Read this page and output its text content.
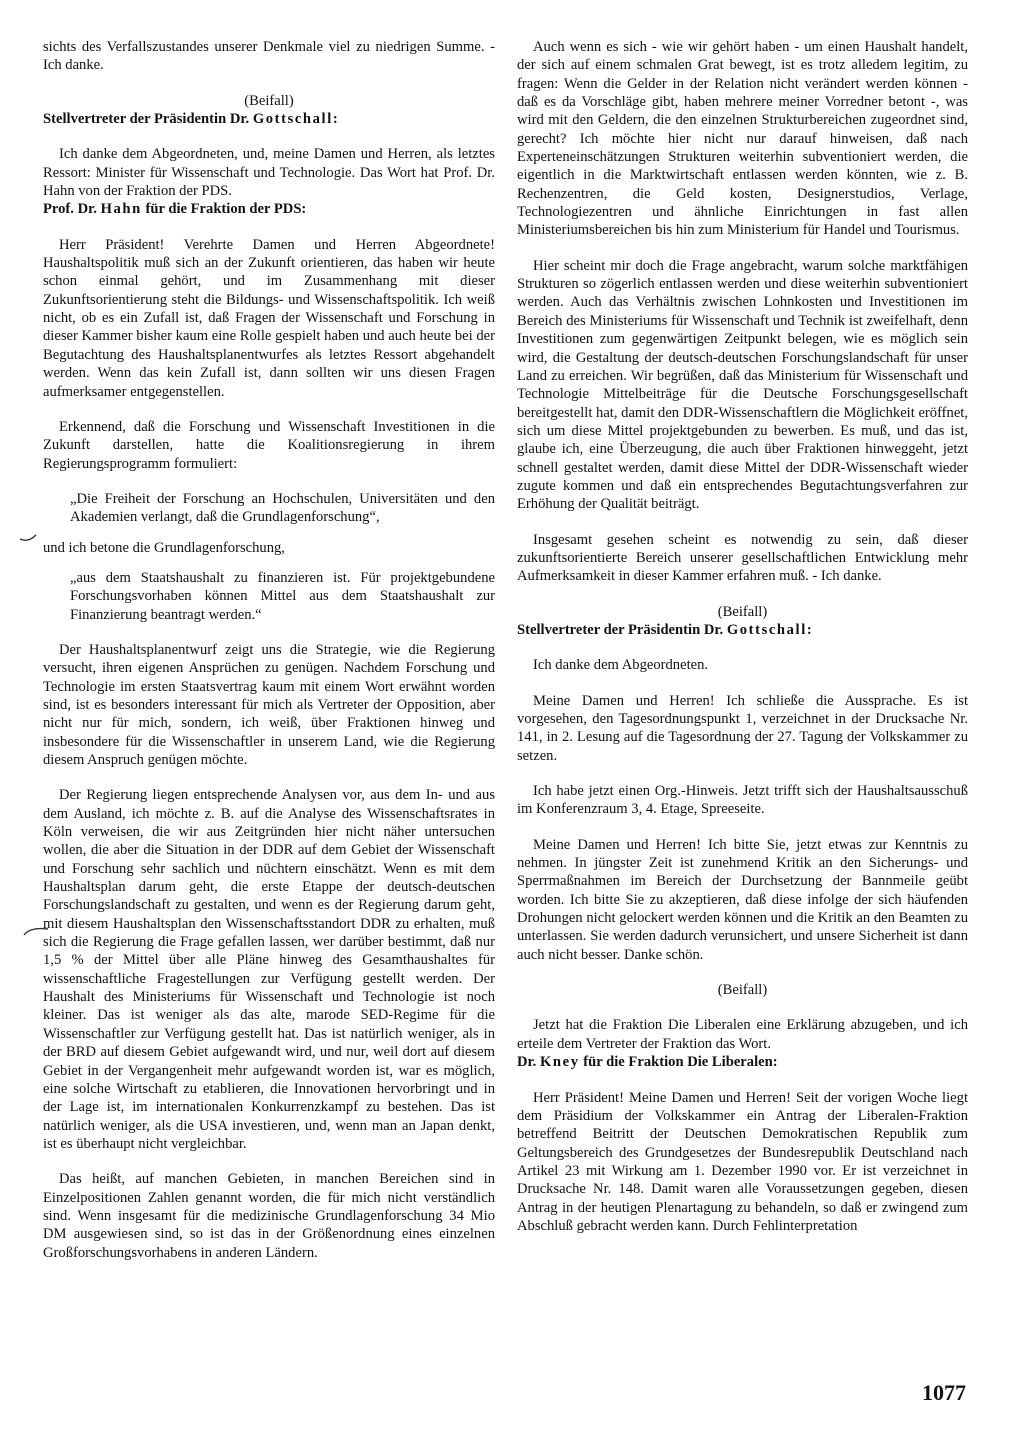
sichts des Verfallszustandes unserer Denkmale viel zu niedrigen Summe. - Ich danke.

(Beifall)

Stellvertreter der Präsidentin Dr. Gottschall:

Ich danke dem Abgeordneten, und, meine Damen und Herren, als letztes Ressort: Minister für Wissenschaft und Technologie. Das Wort hat Prof. Dr. Hahn von der Fraktion der PDS.

Prof. Dr. Hahn für die Fraktion der PDS:

Herr Präsident! Verehrte Damen und Herren Abgeordnete! Haushaltspolitik muß sich an der Zukunft orientieren, das haben wir heute schon einmal gehört, und im Zusammenhang mit dieser Zukunftsorientierung steht die Bildungs- und Wissenschaftspolitik. Ich weiß nicht, ob es ein Zufall ist, daß Fragen der Wissenschaft und Forschung in dieser Kammer bisher kaum eine Rolle gespielt haben und auch heute bei der Begutachtung des Haushaltsplanentwurfes als letztes Ressort abgehandelt werden. Wenn das kein Zufall ist, dann sollten wir uns diesen Fragen aufmerksamer entgegenstellen.

Erkennend, daß die Forschung und Wissenschaft Investitionen in die Zukunft darstellen, hatte die Koalitionsregierung in ihrem Regierungsprogramm formuliert:

„Die Freiheit der Forschung an Hochschulen, Universitäten und den Akademien verlangt, daß die Grundlagenforschung“,

und ich betone die Grundlagenforschung,

„aus dem Staatshaushalt zu finanzieren ist. Für projektgebundene Forschungsvorhaben können Mittel aus dem Staatshaushalt zur Finanzierung beantragt werden.“

Der Haushaltsplanentwurf zeigt uns die Strategie, wie die Regierung versucht, ihren eigenen Ansprüchen zu genügen. Nachdem Forschung und Technologie im ersten Staatsvertrag kaum mit einem Wort erwähnt worden sind, ist es besonders interessant für mich als Vertreter der Opposition, aber nicht nur für mich, sondern, ich weiß, über Fraktionen hinweg und insbesondere für die Wissenschaftler in unserem Land, wie die Regierung diesem Anspruch genügen möchte.

Der Regierung liegen entsprechende Analysen vor, aus dem In- und aus dem Ausland, ich möchte z. B. auf die Analyse des Wissenschaftsrates in Köln verweisen, die wir aus Zeitgründen hier nicht näher untersuchen wollen, die aber die Situation in der DDR auf dem Gebiet der Wissenschaft und Forschung sehr sachlich und nüchtern einschätzt. Wenn es mit dem Haushaltsplan darum geht, die erste Etappe der deutsch-deutschen Forschungslandschaft zu gestalten, und wenn es der Regierung darum geht, mit diesem Haushaltsplan den Wissenschaftsstandort DDR zu erhalten, muß sich die Regierung die Frage gefallen lassen, wer darüber bestimmt, daß nur 1,5 % der Mittel über alle Pläne hinweg des Gesamthaushaltes für wissenschaftliche Fragestellungen zur Verfügung gestellt werden. Der Haushalt des Ministeriums für Wissenschaft und Technologie ist noch kleiner. Das ist weniger als das alte, marode SED-Regime für die Wissenschaftler zur Verfügung gestellt hat. Das ist natürlich weniger, als in der BRD auf diesem Gebiet aufgewandt wird, und nur, weil dort auf diesem Gebiet in der Vergangenheit mehr aufgewandt worden ist, war es möglich, eine solche Wirtschaft zu etablieren, die Innovationen hervorbringt und in der Lage ist, im internationalen Konkurrenzkampf zu bestehen. Das ist natürlich weniger, als die USA investieren, und, wenn man an Japan denkt, ist es überhaupt nicht vergleichbar.

Das heißt, auf manchen Gebieten, in manchen Bereichen sind in Einzelpositionen Zahlen genannt worden, die für mich nicht verständlich sind. Wenn insgesamt für die medizinische Grundlagenforschung 34 Mio DM ausgewiesen sind, so ist das in der Größenordnung eines einzelnen Großforschungsvorhabens in anderen Ländern.

Auch wenn es sich - wie wir gehört haben - um einen Haushalt handelt, der sich auf einem schmalen Grat bewegt, ist es trotz alledem legitim, zu fragen: Wenn die Gelder in der Relation nicht verändert werden können - daß es da Vorschläge gibt, haben mehrere meiner Vorredner betont -, was wird mit den Geldern, die den einzelnen Strukturbereichen zugeordnet sind, gerecht? Ich möchte hier nicht nur darauf hinweisen, daß nach Experteneinschätzungen Strukturen weiterhin subventioniert werden, die eigentlich in die Marktwirtschaft entlassen werden könnten, wie z. B. Rechenzentren, die Geld kosten, Designerstudios, Verlage, Technologiezentren und ähnliche Einrichtungen in fast allen Ministeriumsbereichen bis hin zum Ministerium für Handel und Tourismus.

Hier scheint mir doch die Frage angebracht, warum solche marktfähigen Strukturen so zögerlich entlassen werden und diese weiterhin subventioniert werden. Auch das Verhältnis zwischen Lohnkosten und Investitionen im Bereich des Ministeriums für Wissenschaft und Technik ist zweifelhaft, denn Investitionen zum gegenwärtigen Zeitpunkt belegen, wie es möglich sein wird, die Gestaltung der deutsch-deutschen Forschungslandschaft für unser Land zu erreichen. Wir begrüßen, daß das Ministerium für Wissenschaft und Technologie Mittelbeiträge für die Deutsche Forschungsgesellschaft bereitgestellt hat, damit den DDR-Wissenschaftlern die Möglichkeit eröffnet, sich um diese Mittel projektgebunden zu bewerben. Es muß, und das ist, glaube ich, eine Überzeugung, die auch über Fraktionen hinweggeht, jetzt schnell gestaltet werden, damit diese Mittel der DDR-Wissenschaft wieder zugute kommen und daß ein entsprechendes Begutachtungsverfahren zur Erhöhung der Qualität beiträgt.

Insgesamt gesehen scheint es notwendig zu sein, daß dieser zukunftsorientierte Bereich unserer gesellschaftlichen Entwicklung mehr Aufmerksamkeit in dieser Kammer erfahren muß. - Ich danke.

(Beifall)

Stellvertreter der Präsidentin Dr. Gottschall:

Ich danke dem Abgeordneten.

Meine Damen und Herren! Ich schließe die Aussprache. Es ist vorgesehen, den Tagesordnungspunkt 1, verzeichnet in der Drucksache Nr. 141, in 2. Lesung auf die Tagesordnung der 27. Tagung der Volkskammer zu setzen.

Ich habe jetzt einen Org.-Hinweis. Jetzt trifft sich der Haushaltsausschuß im Konferenzraum 3, 4. Etage, Spreeseite.

Meine Damen und Herren! Ich bitte Sie, jetzt etwas zur Kenntnis zu nehmen. In jüngster Zeit ist zunehmend Kritik an den Sicherungs- und Sperrmaßnahmen im Bereich der Durchsetzung der Bannmeile geübt worden. Ich bitte Sie zu akzeptieren, daß diese infolge der sich häufenden Drohungen nicht gelockert werden können und die Kritik an den Beamten zu unterlassen. Sie werden dadurch verunsichert, und unsere Sicherheit ist dann auch nicht besser. Danke schön.

(Beifall)

Jetzt hat die Fraktion Die Liberalen eine Erklärung abzugeben, und ich erteile dem Vertreter der Fraktion das Wort.

Dr. Kney für die Fraktion Die Liberalen:

Herr Präsident! Meine Damen und Herren! Seit der vorigen Woche liegt dem Präsidium der Volkskammer ein Antrag der Liberalen-Fraktion betreffend Beitritt der Deutschen Demokratischen Republik zum Geltungsbereich des Grundgesetzes der Bundesrepublik Deutschland nach Artikel 23 mit Wirkung am 1. Dezember 1990 vor. Er ist verzeichnet in Drucksache Nr. 148. Damit waren alle Voraussetzungen gegeben, diesen Antrag in der heutigen Plenartagung zu behandeln, so daß er zwingend zum Abschluß gebracht werden kann. Durch Fehlinterpretation

1077
